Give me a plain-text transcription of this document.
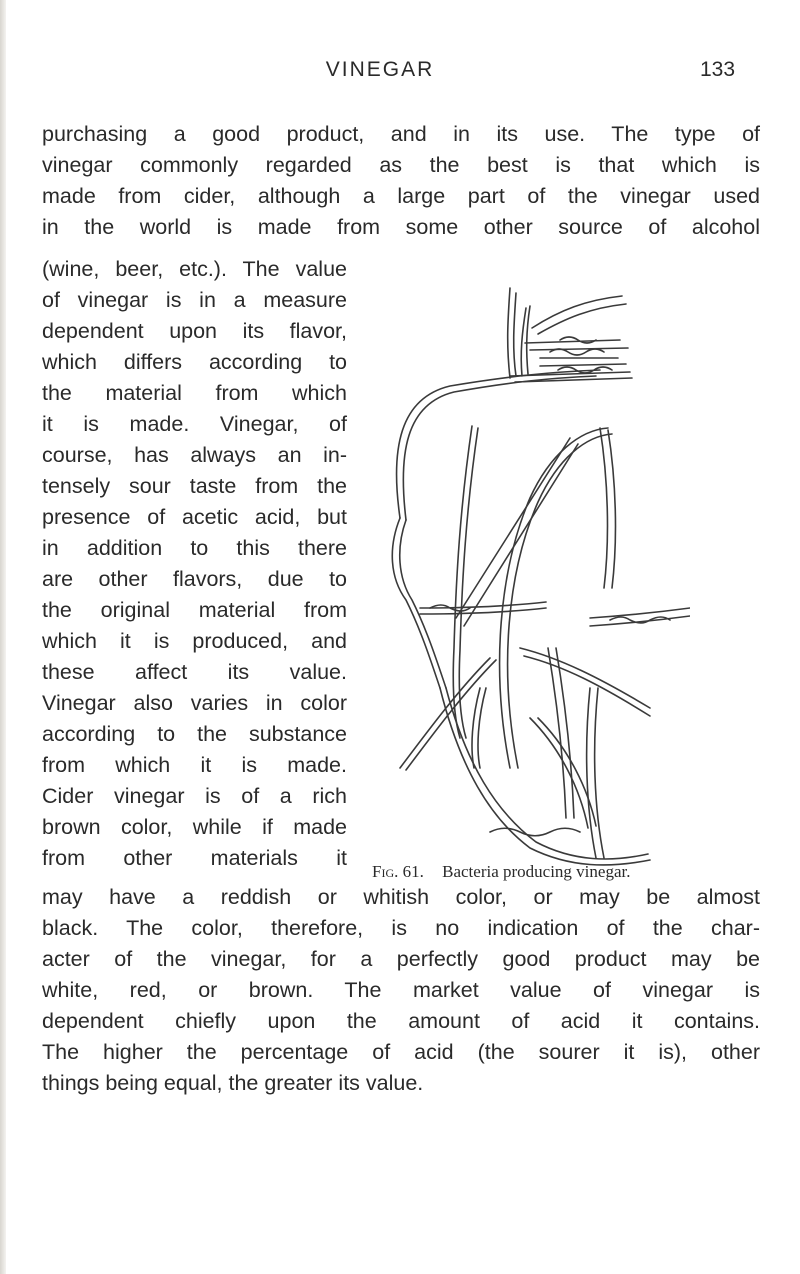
VINEGAR	133
purchasing a good product, and in its use. The type of
vinegar commonly regarded as the best is that which is
made from cider, although a large part of the vinegar used
in the world is made from some other source of alcohol
(wine, beer, etc.). The value
of vinegar is in a measure
dependent upon its flavor,
which differs according to
the material from which
it is made. Vinegar, of
course, has always an in-
tensely sour taste from the
presence of acetic acid, but
in addition to this there
are other flavors, due to
the original material from
which it is produced, and
these affect its value.
Vinegar also varies in color
according to the substance
from which it is made.
Cider vinegar is of a rich
brown color, while if made
from other materials it
may have a reddish or whitish color, or may be almost
black. The color, therefore, is no indication of the char-
acter of the vinegar, for a perfectly good product may be
white, red, or brown. The market value of vinegar is
dependent chiefly upon the amount of acid it contains.
The higher the percentage of acid (the sourer it is), other
things being equal, the greater its value.
Fig. 61. Bacteria producing vinegar.
